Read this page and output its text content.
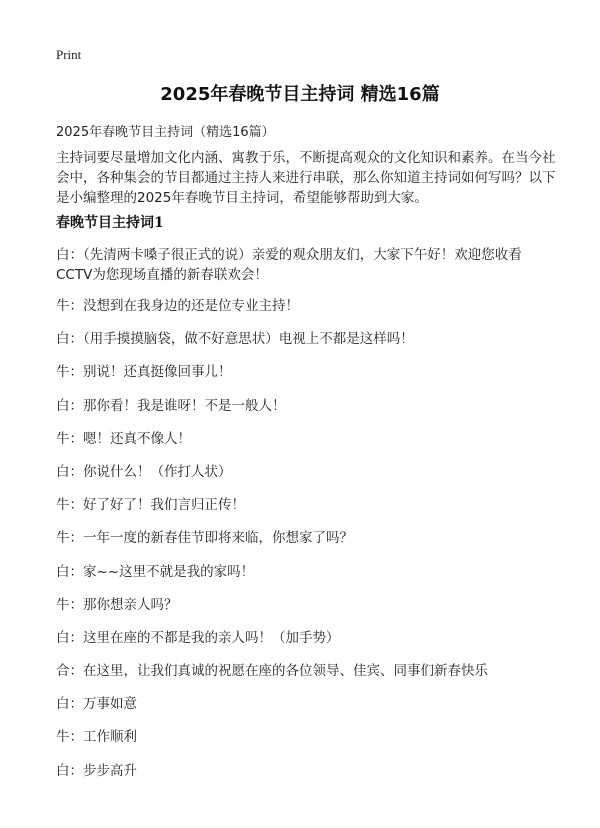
Print
2025年春晚节目主持词 精选16篇
2025年春晚节目主持词（精选16篇）
主持词要尽量增加文化内涵、寓教于乐，不断提高观众的文化知识和素养。在当今社会中，各种集会的节目都通过主持人来进行串联，那么你知道主持词如何写吗？以下是小编整理的2025年春晚节目主持词，希望能够帮助到大家。
春晚节目主持词1
白：（先清两卡嗓子很正式的说）亲爱的观众朋友们，大家下午好！欢迎您收看CCTV为您现场直播的新春联欢会！
牛：没想到在我身边的还是位专业主持！
白：（用手摸摸脑袋，做不好意思状）电视上不都是这样吗！
牛：别说！还真挺像回事儿！
白：那你看！我是谁呀！不是一般人！
牛：嗯！还真不像人！
白：你说什么！（作打人状）
牛：好了好了！我们言归正传！
牛：一年一度的新春佳节即将来临，你想家了吗？
白：家~~这里不就是我的家吗！
牛：那你想亲人吗？
白：这里在座的不都是我的亲人吗！（加手势）
合：在这里，让我们真诚的祝愿在座的各位领导、佳宾、同事们新春快乐
白：万事如意
牛：工作顺利
白：步步高升
